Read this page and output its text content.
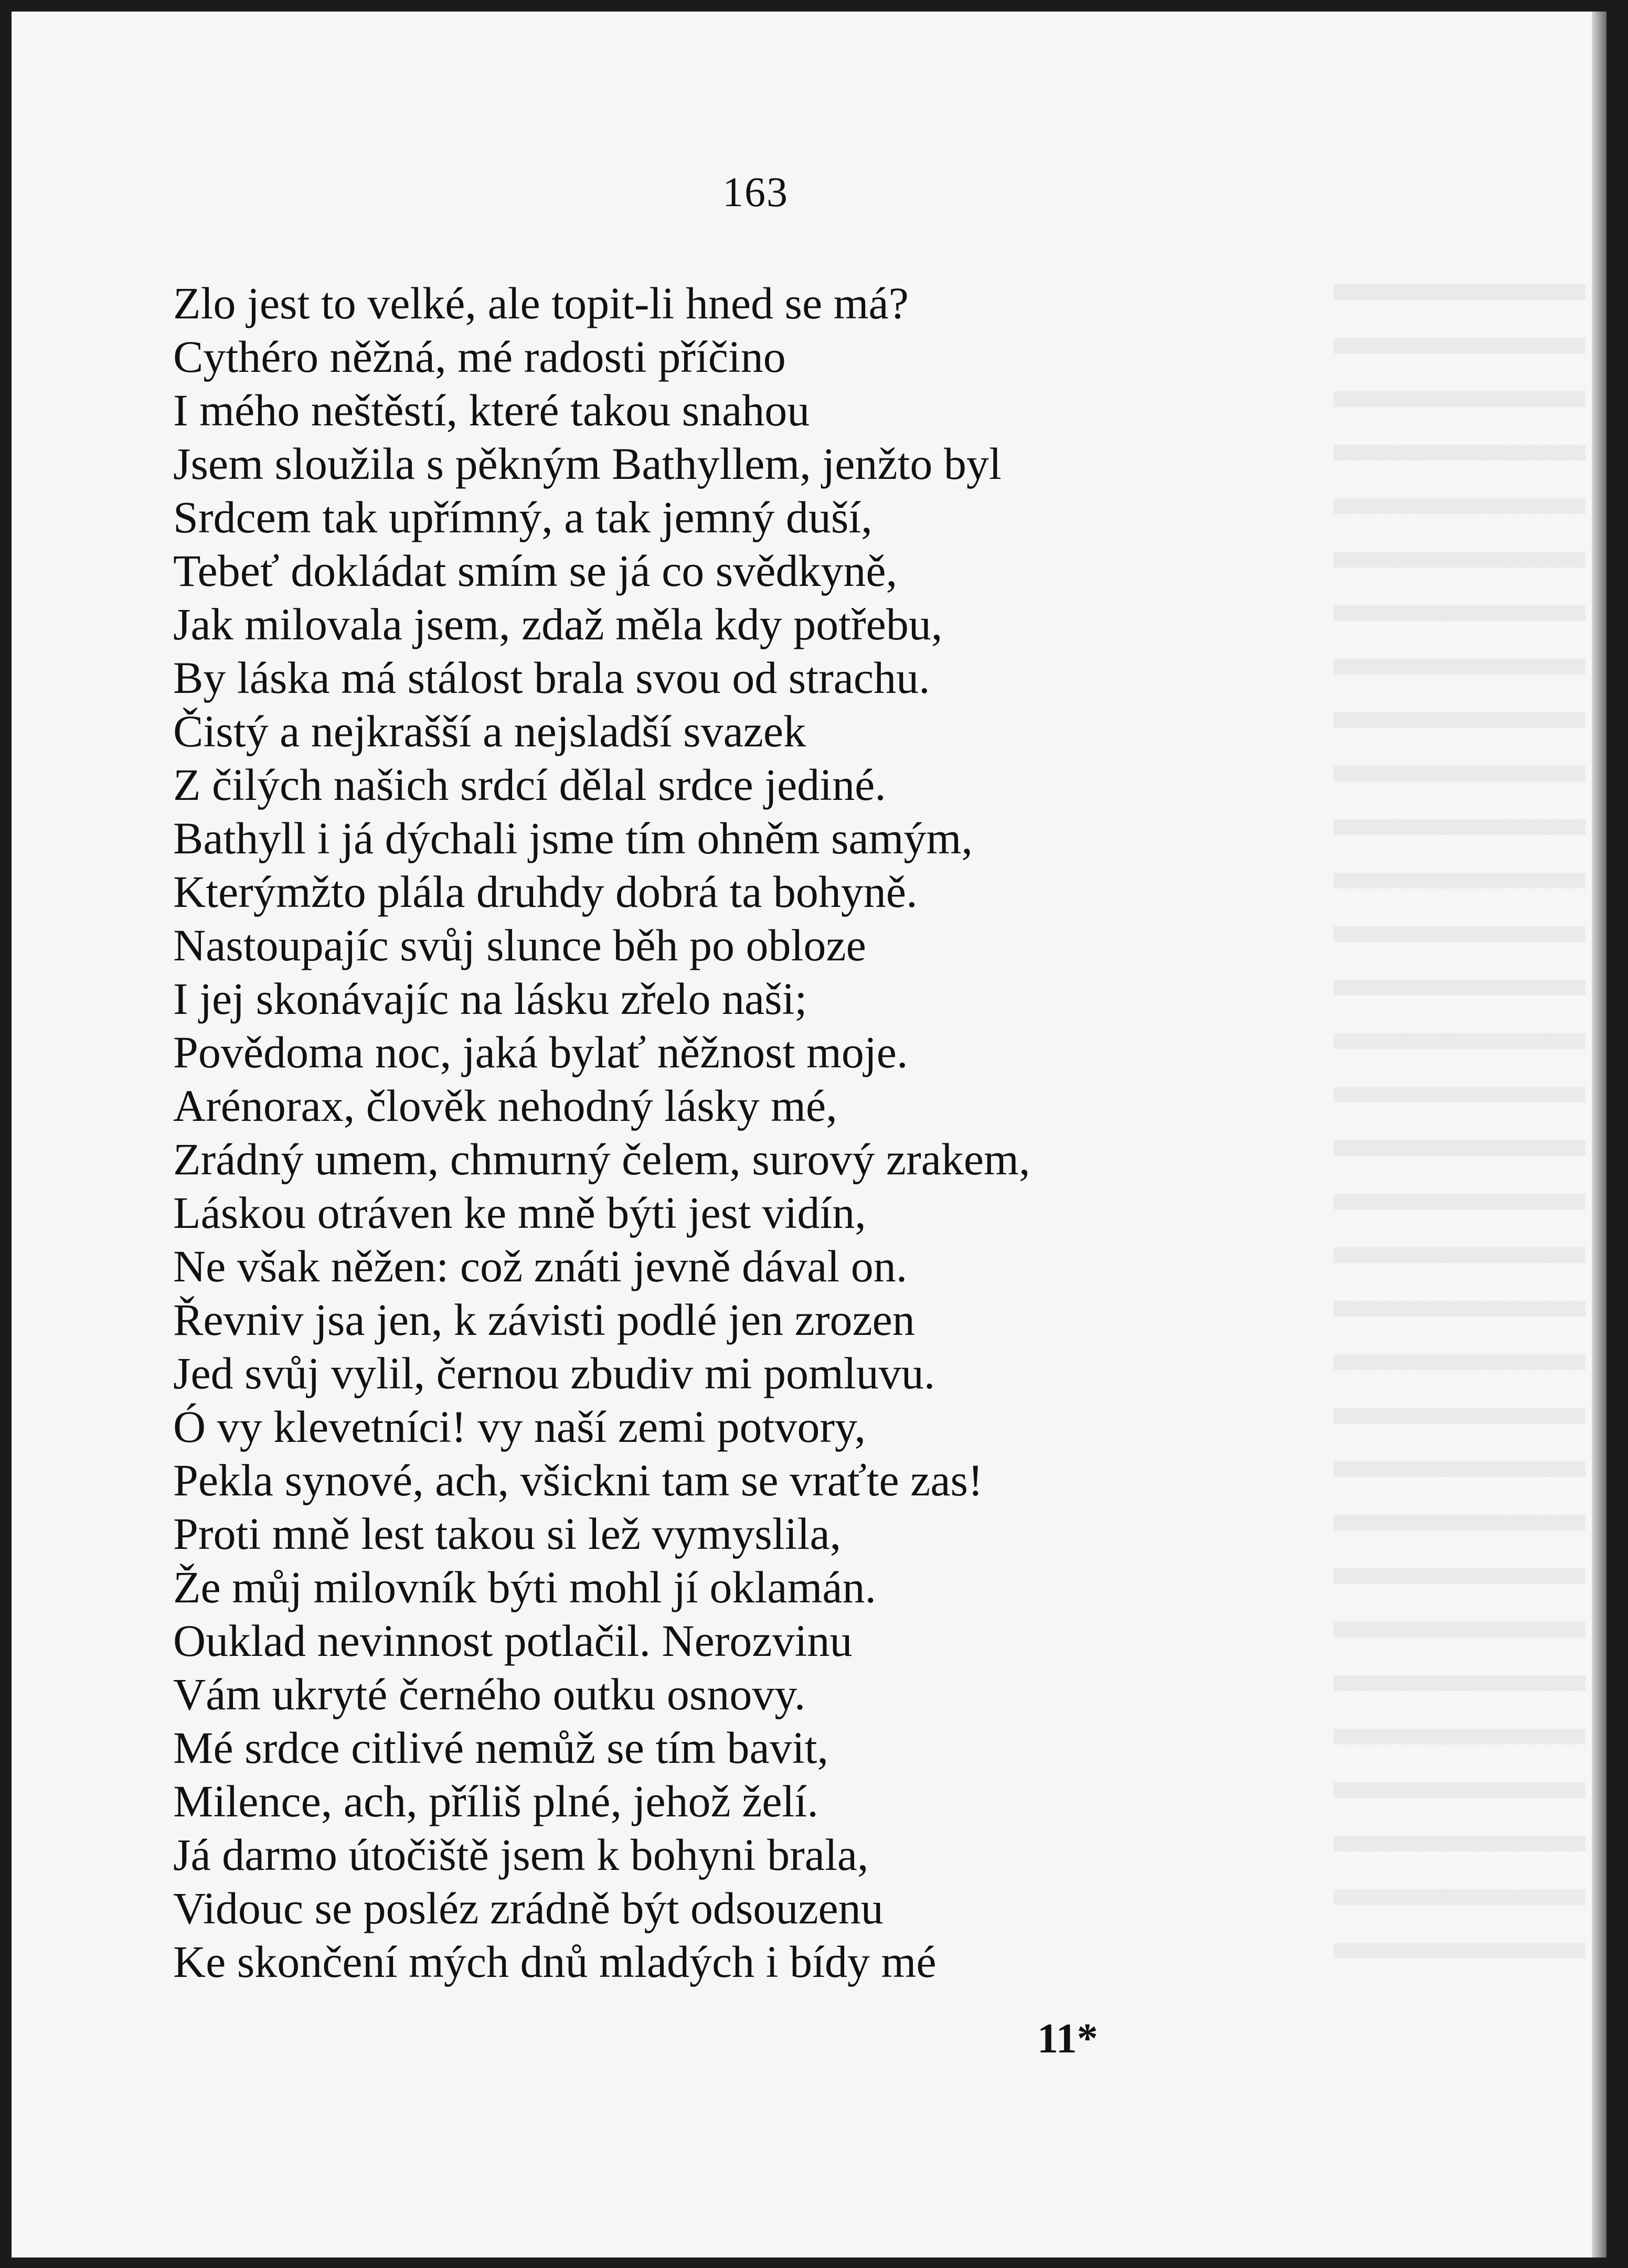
163
Zlo jest to velké, ale topit-li hned se má?
Cythéro něžná, mé radosti příčino
I mého neštěstí, které takou snahou
Jsem sloužila s pěkným Bathyllem, jenžto byl
Srdcem tak upřímný, a tak jemný duší,
Tebeť dokládat smím se já co svědkyně,
Jak milovala jsem, zdaž měla kdy potřebu,
By láska má stálost brala svou od strachu.
Čistý a nejkrašší a nejsladší svazek
Z čilých našich srdcí dělal srdce jediné.
Bathyll i já dýchali jsme tím ohněm samým,
Kterýmžto plála druhdy dobrá ta bohyně.
Nastoupajíc svůj slunce běh po obloze
I jej skonávajíc na lásku zřelo naši;
Povědoma noc, jaká bylať něžnost moje.
Arénorax, člověk nehodný lásky mé,
Zrádný umem, chmurný čelem, surový zrakem,
Láskou otráven ke mně býti jest vidín,
Ne však něžen: což znáti jevně dával on.
Řevniv jsa jen, k závisti podlé jen zrozen
Jed svůj vylil, černou zbudiv mi pomluvu.
Ó vy klevetníci! vy naší zemi potvory,
Pekla synové, ach, všickni tam se vraťte zas!
Proti mně lest takou si lež vymyslila,
Že můj milovník býti mohl jí oklamán.
Ouklad nevinnost potlačil. Nerozvinu
Vám ukryté černého outku osnovy.
Mé srdce citlivé nemůž se tím bavit,
Milence, ach, příliš plné, jehož želí.
Já darmo útočiště jsem k bohyni brala,
Vidouc se posléz zrádně být odsouzenu
Ke skončení mých dnů mladých i bídy mé
11*
